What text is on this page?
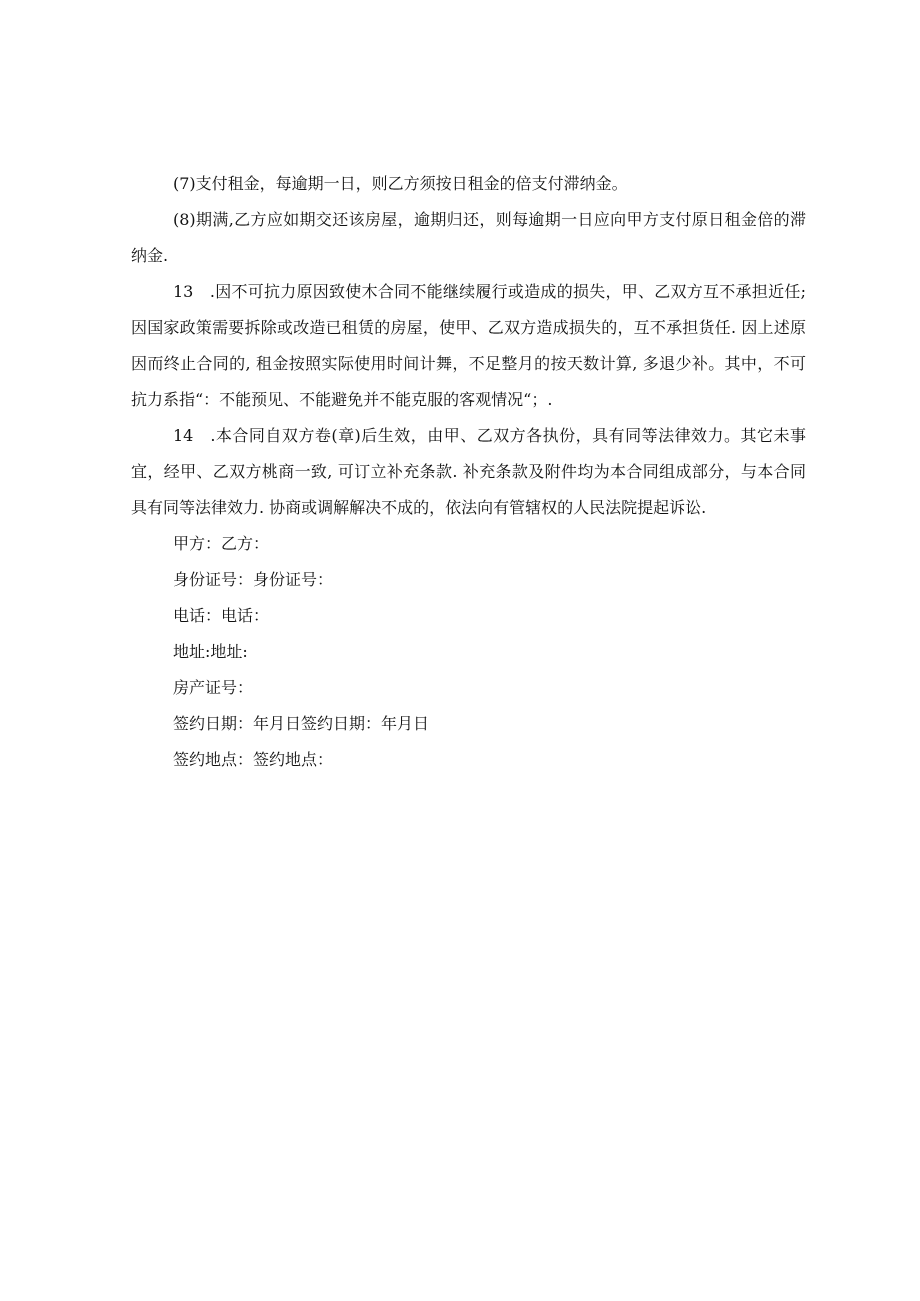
(7)支付租金，每逾期一日，则乙方须按日租金的倍支付滞纳金。

(8)期满,乙方应如期交还该房屋，逾期归还，则每逾期一日应向甲方支付原日租金倍的滞纳金.

13　.因不可抗力原因致使木合同不能继续履行或造成的损失，甲、乙双方互不承担近任;因国家政策需要拆除或改造已租赁的房屋，使甲、乙双方造成损失的，互不承担货任. 因上述原因而终止合同的, 租金按照实际使用时间计舞，不足整月的按天数计算, 多退少补。其中，不可抗力系指“：不能预见、不能避免并不能克服的客观情况“；.

14　.本合同自双方卷(章)后生效，由甲、乙双方各执份，具有同等法律效力。其它未事宜，经甲、乙双方桃商一致, 可订立补充条款. 补充条款及附件均为本合同组成部分，与本合同具有同等法律效力. 协商或调解解决不成的，依法向有管辖权的人民法院提起诉讼.

甲方：乙方：

身份证号：身份证号：

电话：电话：

地址:地址:

房产证号：

签约日期：年月日签约日期：年月日

签约地点：签约地点：
